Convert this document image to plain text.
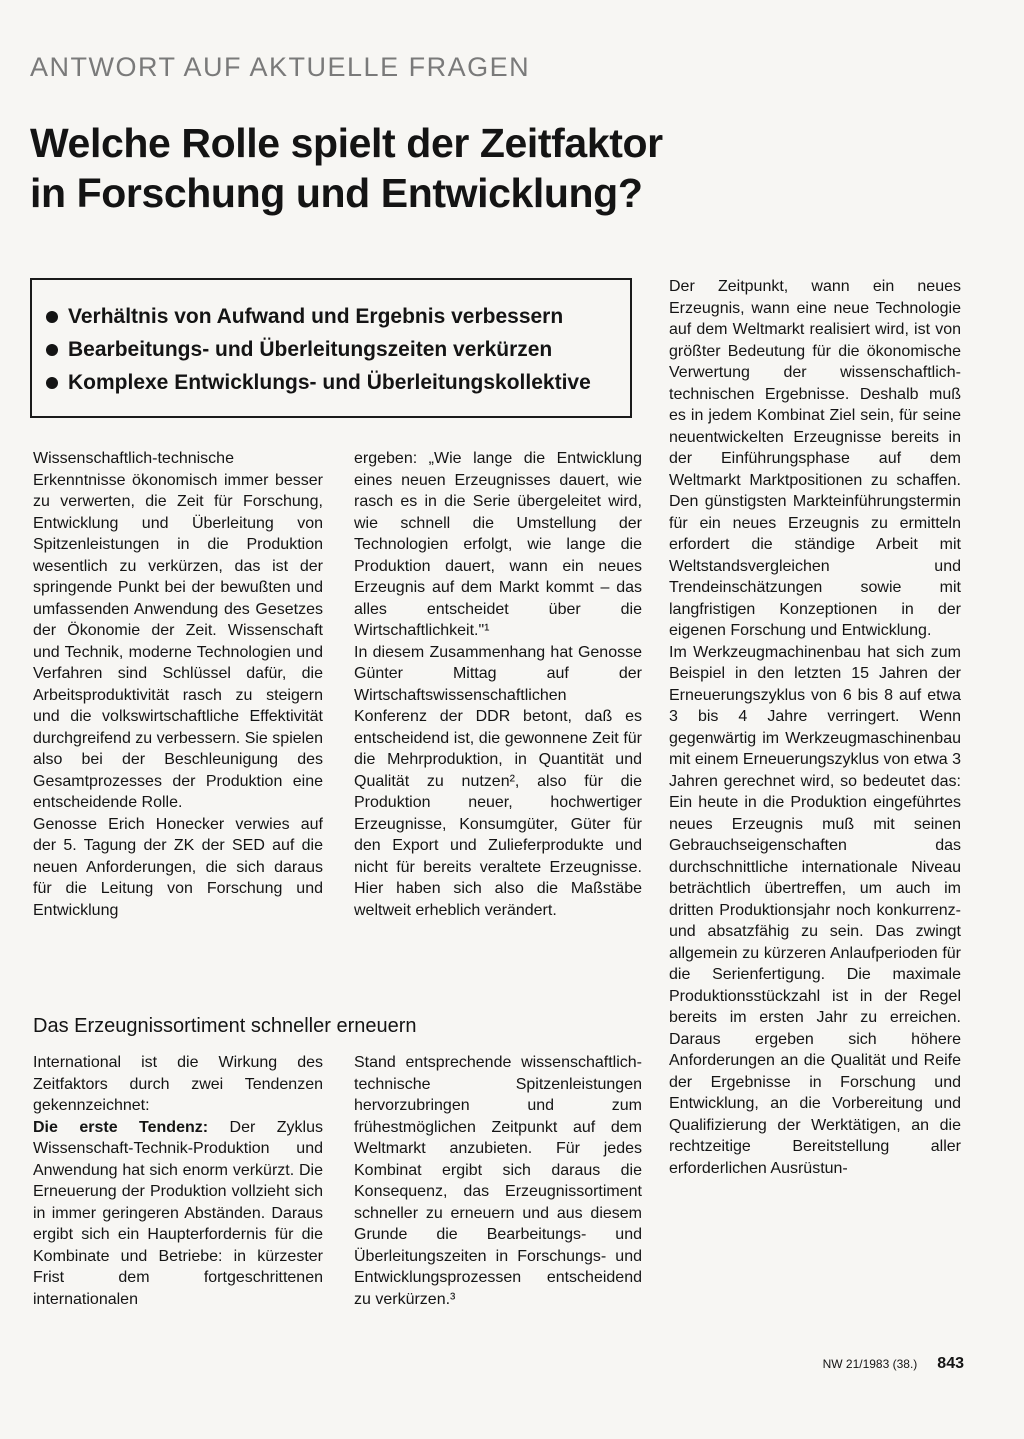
ANTWORT AUF AKTUELLE FRAGEN
Welche Rolle spielt der Zeitfaktor
in Forschung und Entwicklung?
Verhältnis von Aufwand und Ergebnis verbessern
Bearbeitungs- und Überleitungszeiten verkürzen
Komplexe Entwicklungs- und Überleitungskollektive

Wissenschaftlich-technische Erkenntnisse ökonomisch immer besser zu verwerten, die Zeit für Forschung, Entwicklung und Überleitung von Spitzenleistungen in die Produktion wesentlich zu verkürzen, das ist der springende Punkt bei der bewußten und umfassenden Anwendung des Gesetzes der Ökonomie der Zeit. Wissenschaft und Technik, moderne Technologien und Verfahren sind Schlüssel dafür, die Arbeitsproduktivität rasch zu steigern und die volkswirtschaftliche Effektivität durchgreifend zu verbessern. Sie spielen also bei der Beschleunigung des Gesamtprozesses der Produktion eine entscheidende Rolle.

Genosse Erich Honecker verwies auf der 5. Tagung der ZK der SED auf die neuen Anforderungen, die sich daraus für die Leitung von Forschung und Entwicklung

ergeben: „Wie lange die Entwicklung eines neuen Erzeugnisses dauert, wie rasch es in die Serie übergeleitet wird, wie schnell die Umstellung der Technologien erfolgt, wie lange die Produktion dauert, wann ein neues Erzeugnis auf dem Markt kommt – das alles entscheidet über die Wirtschaftlichkeit."¹

In diesem Zusammenhang hat Genosse Günter Mittag auf der Wirtschaftswissenschaftlichen Konferenz der DDR betont, daß es entscheidend ist, die gewonnene Zeit für die Mehrproduktion, in Quantität und Qualität zu nutzen², also für die Produktion neuer, hochwertiger Erzeugnisse, Konsumgüter, Güter für den Export und Zulieferprodukte und nicht für bereits veraltete Erzeugnisse. Hier haben sich also die Maßstäbe weltweit erheblich verändert.

Der Zeitpunkt, wann ein neues Erzeugnis, wann eine neue Technologie auf dem Weltmarkt realisiert wird, ist von größter Bedeutung für die ökonomische Verwertung der wissenschaftlich-technischen Ergebnisse. Deshalb muß es in jedem Kombinat Ziel sein, für seine neuentwickelten Erzeugnisse bereits in der Einführungsphase auf dem Weltmarkt Marktpositionen zu schaffen. Den günstigsten Markteinführungstermin für ein neues Erzeugnis zu ermitteln erfordert die ständige Arbeit mit Weltstandsvergleichen und Trendeinschätzungen sowie mit langfristigen Konzeptionen in der eigenen Forschung und Entwicklung.

Im Werkzeugmachinenbau hat sich zum Beispiel in den letzten 15 Jahren der Erneuerungszyklus von 6 bis 8 auf etwa 3 bis 4 Jahre verringert. Wenn gegenwärtig im Werkzeugmaschinenbau mit einem Erneuerungszyklus von etwa 3 Jahren gerechnet wird, so bedeutet das: Ein heute in die Produktion eingeführtes neues Erzeugnis muß mit seinen Gebrauchseigenschaften das durchschnittliche internationale Niveau beträchtlich übertreffen, um auch im dritten Produktionsjahr noch konkurrenz- und absatzfähig zu sein. Das zwingt allgemein zu kürzeren Anlaufperioden für die Serienfertigung. Die maximale Produktionsstückzahl ist in der Regel bereits im ersten Jahr zu erreichen. Daraus ergeben sich höhere Anforderungen an die Qualität und Reife der Ergebnisse in Forschung und Entwicklung, an die Vorbereitung und Qualifizierung der Werktätigen, an die rechtzeitige Bereitstellung aller erforderlichen Ausrüstun-

Das Erzeugnissortiment schneller erneuern

International ist die Wirkung des Zeitfaktors durch zwei Tendenzen gekennzeichnet:

Die erste Tendenz: Der Zyklus Wissenschaft-Technik-Produktion und Anwendung hat sich enorm verkürzt. Die Erneuerung der Produktion vollzieht sich in immer geringeren Abständen. Daraus ergibt sich ein Haupterfordernis für die Kombinate und Betriebe: in kürzester Frist dem fortgeschrittenen internationalen

Stand entsprechende wissenschaftlich-technische Spitzenleistungen hervorzubringen und zum frühestmöglichen Zeitpunkt auf dem Weltmarkt anzubieten. Für jedes Kombinat ergibt sich daraus die Konsequenz, das Erzeugnissortiment schneller zu erneuern und aus diesem Grunde die Bearbeitungs- und Überleitungszeiten in Forschungs- und Entwicklungsprozessen entscheidend zu verkürzen.³

NW 21/1983 (38.) 843
